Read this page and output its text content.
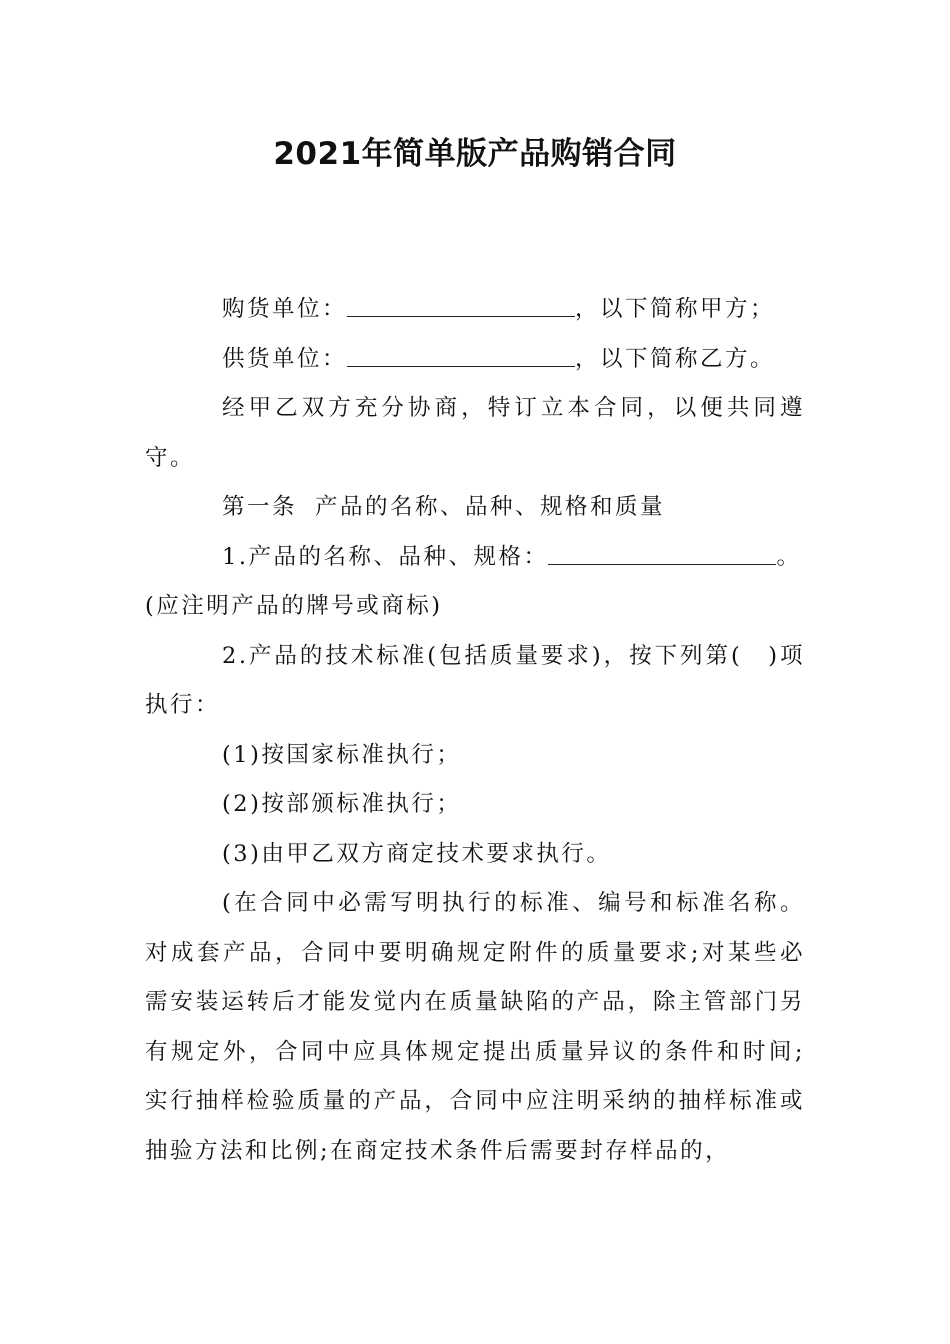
2021年简单版产品购销合同

购货单位：	，以下简称甲方；

供货单位：	，以下简称乙方。

经甲乙双方充分协商，特订立本合同，以便共同遵守。

第一条 产品的名称、品种、规格和质量

1.产品的名称、品种、规格：	。

(应注明产品的牌号或商标)

2.产品的技术标准(包括质量要求)，按下列第(　)项执行：

(1)按国家标准执行；

(2)按部颁标准执行；

(3)由甲乙双方商定技术要求执行。

(在合同中必需写明执行的标准、编号和标准名称。对成套产品，合同中要明确规定附件的质量要求;对某些必需安装运转后才能发觉内在质量缺陷的产品，除主管部门另有规定外，合同中应具体规定提出质量异议的条件和时间;实行抽样检验质量的产品，合同中应注明采纳的抽样标准或抽验方法和比例;在商定技术条件后需要封存样品的，
